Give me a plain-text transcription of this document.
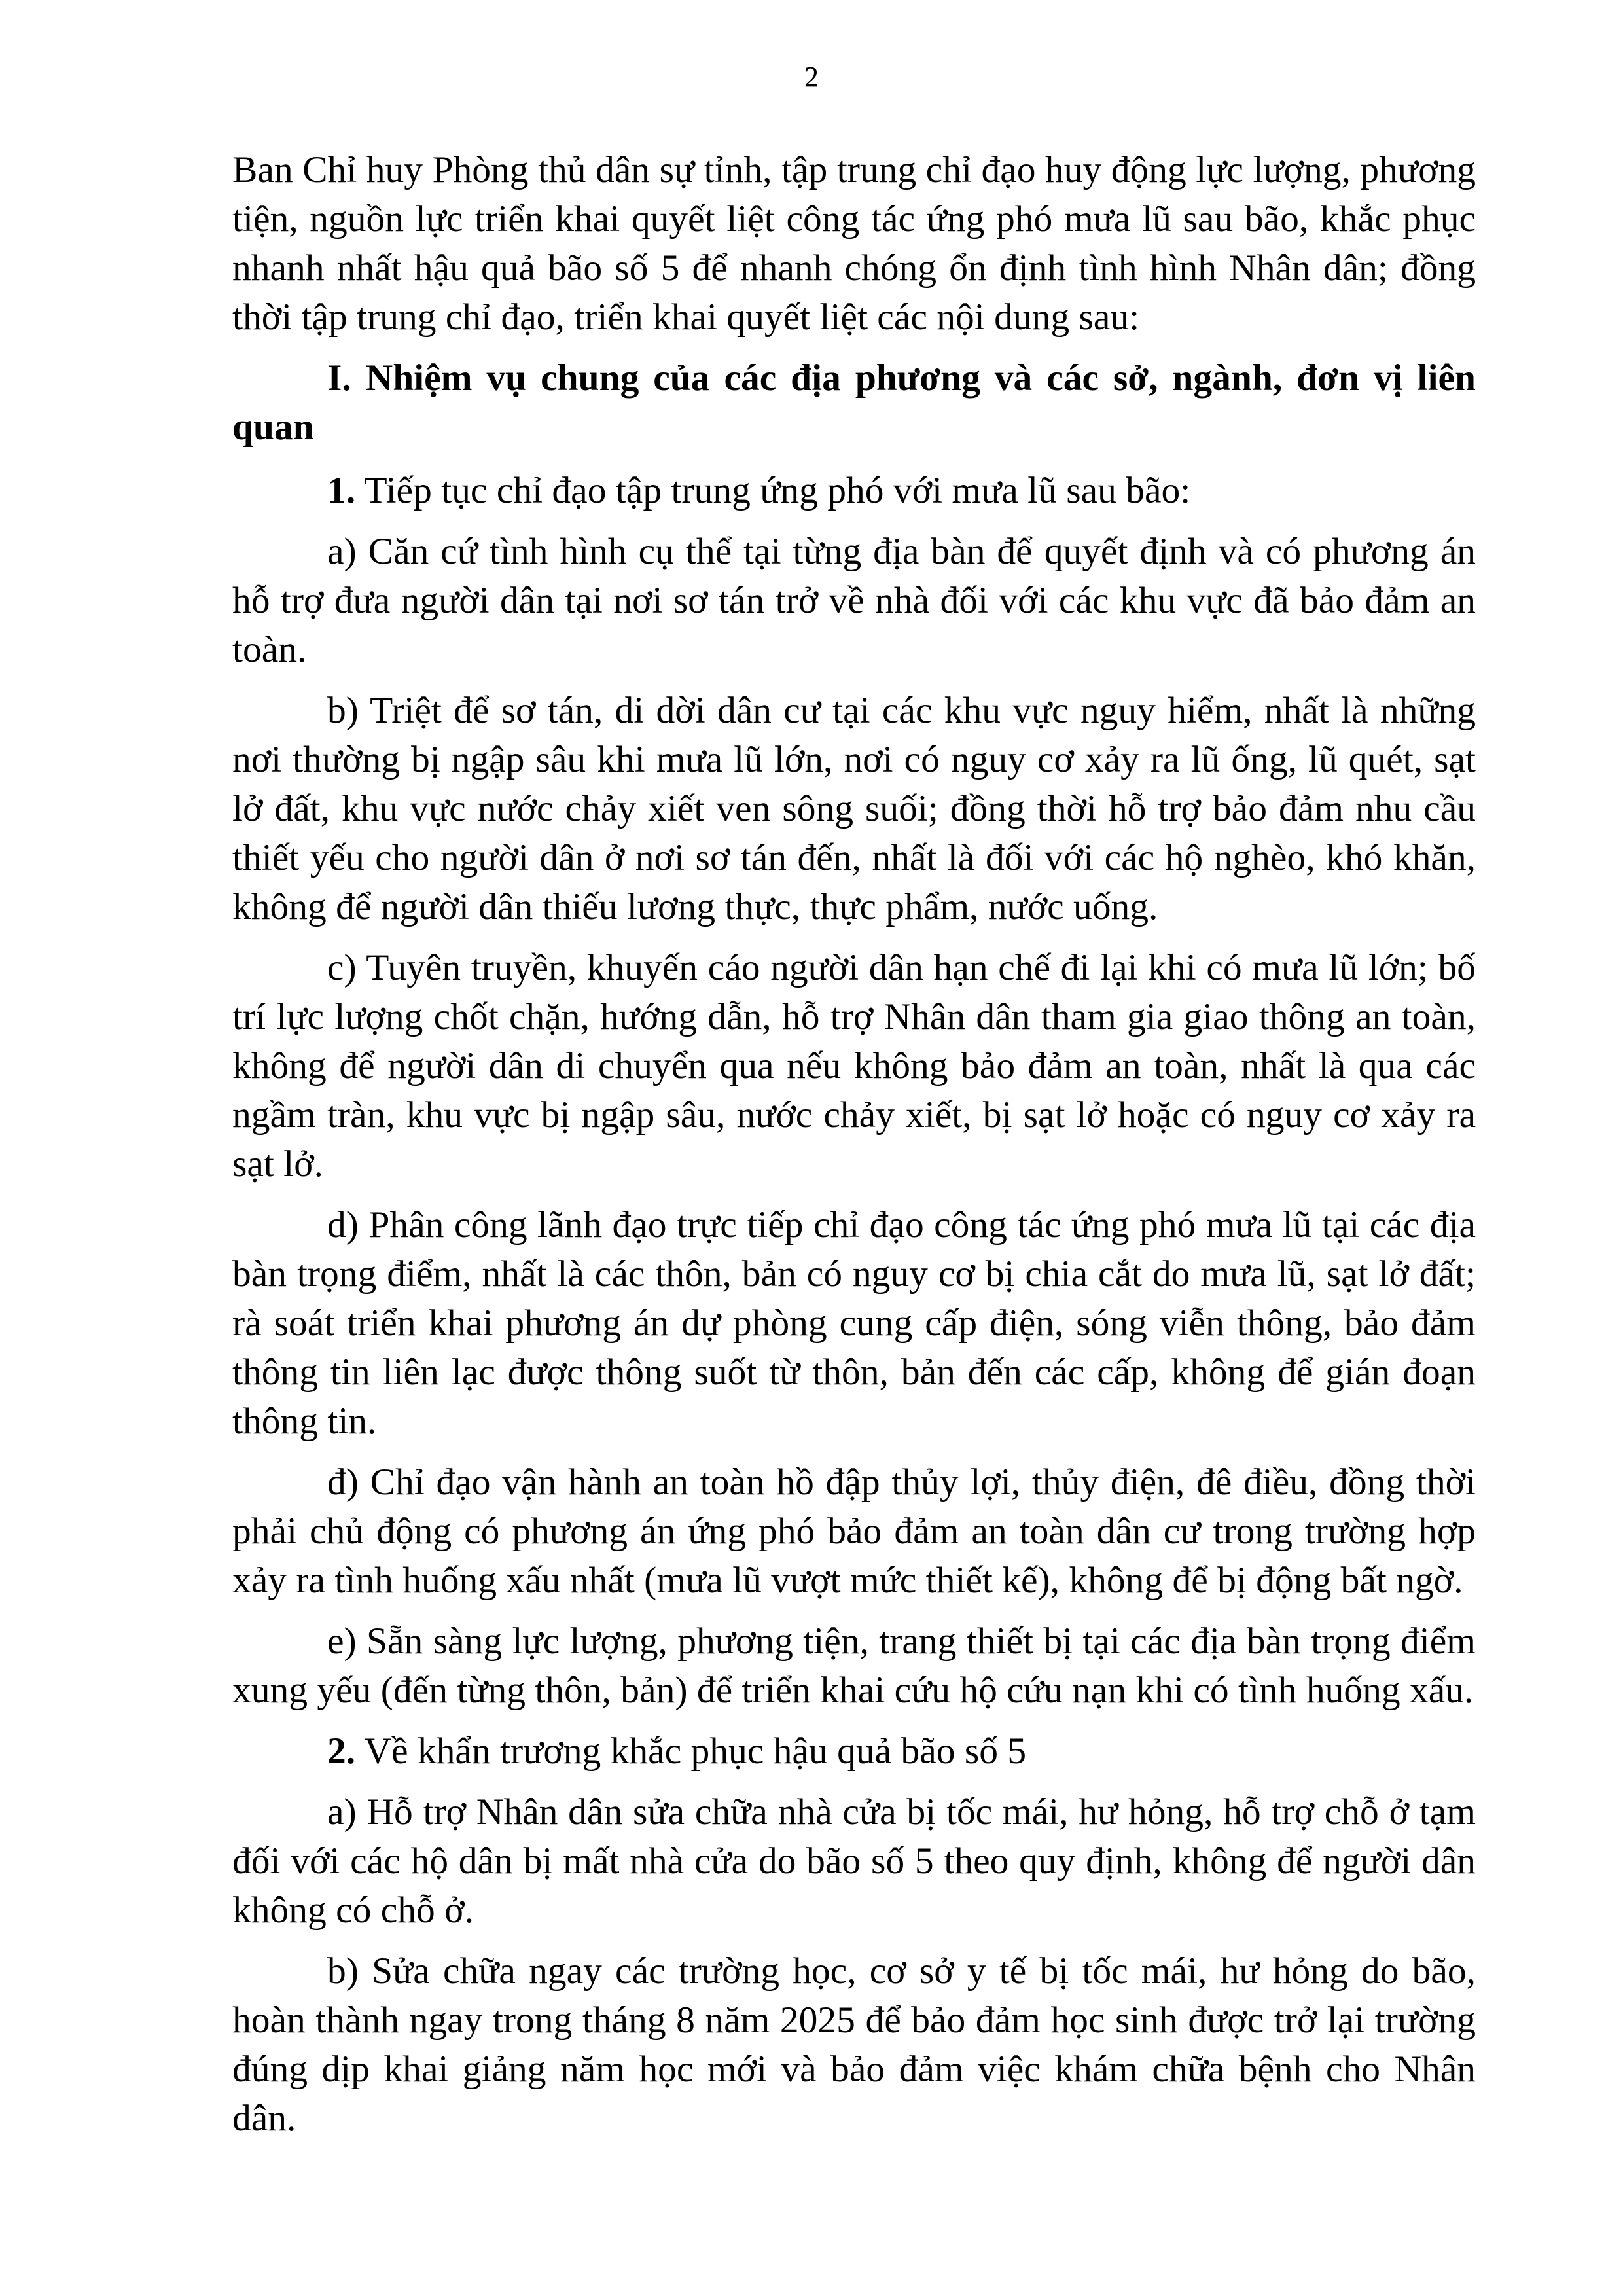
2

Ban Chỉ huy Phòng thủ dân sự tỉnh, tập trung chỉ đạo huy động lực lượng, phương tiện, nguồn lực triển khai quyết liệt công tác ứng phó mưa lũ sau bão, khắc phục nhanh nhất hậu quả bão số 5 để nhanh chóng ổn định tình hình Nhân dân; đồng thời tập trung chỉ đạo, triển khai quyết liệt các nội dung sau:

I. Nhiệm vụ chung của các địa phương và các sở, ngành, đơn vị liên quan

1. Tiếp tục chỉ đạo tập trung ứng phó với mưa lũ sau bão:

a) Căn cứ tình hình cụ thể tại từng địa bàn để quyết định và có phương án hỗ trợ đưa người dân tại nơi sơ tán trở về nhà đối với các khu vực đã bảo đảm an toàn.

b) Triệt để sơ tán, di dời dân cư tại các khu vực nguy hiểm, nhất là những nơi thường bị ngập sâu khi mưa lũ lớn, nơi có nguy cơ xảy ra lũ ống, lũ quét, sạt lở đất, khu vực nước chảy xiết ven sông suối; đồng thời hỗ trợ bảo đảm nhu cầu thiết yếu cho người dân ở nơi sơ tán đến, nhất là đối với các hộ nghèo, khó khăn, không để người dân thiếu lương thực, thực phẩm, nước uống.

c) Tuyên truyền, khuyến cáo người dân hạn chế đi lại khi có mưa lũ lớn; bố trí lực lượng chốt chặn, hướng dẫn, hỗ trợ Nhân dân tham gia giao thông an toàn, không để người dân di chuyển qua nếu không bảo đảm an toàn, nhất là qua các ngầm tràn, khu vực bị ngập sâu, nước chảy xiết, bị sạt lở hoặc có nguy cơ xảy ra sạt lở.

d) Phân công lãnh đạo trực tiếp chỉ đạo công tác ứng phó mưa lũ tại các địa bàn trọng điểm, nhất là các thôn, bản có nguy cơ bị chia cắt do mưa lũ, sạt lở đất; rà soát triển khai phương án dự phòng cung cấp điện, sóng viễn thông, bảo đảm thông tin liên lạc được thông suốt từ thôn, bản đến các cấp, không để gián đoạn thông tin.

đ) Chỉ đạo vận hành an toàn hồ đập thủy lợi, thủy điện, đê điều, đồng thời phải chủ động có phương án ứng phó bảo đảm an toàn dân cư trong trường hợp xảy ra tình huống xấu nhất (mưa lũ vượt mức thiết kế), không để bị động bất ngờ.

e) Sẵn sàng lực lượng, phương tiện, trang thiết bị tại các địa bàn trọng điểm xung yếu (đến từng thôn, bản) để triển khai cứu hộ cứu nạn khi có tình huống xấu.

2. Về khẩn trương khắc phục hậu quả bão số 5

a) Hỗ trợ Nhân dân sửa chữa nhà cửa bị tốc mái, hư hỏng, hỗ trợ chỗ ở tạm đối với các hộ dân bị mất nhà cửa do bão số 5 theo quy định, không để người dân không có chỗ ở.

b) Sửa chữa ngay các trường học, cơ sở y tế bị tốc mái, hư hỏng do bão, hoàn thành ngay trong tháng 8 năm 2025 để bảo đảm học sinh được trở lại trường đúng dịp khai giảng năm học mới và bảo đảm việc khám chữa bệnh cho Nhân dân.
